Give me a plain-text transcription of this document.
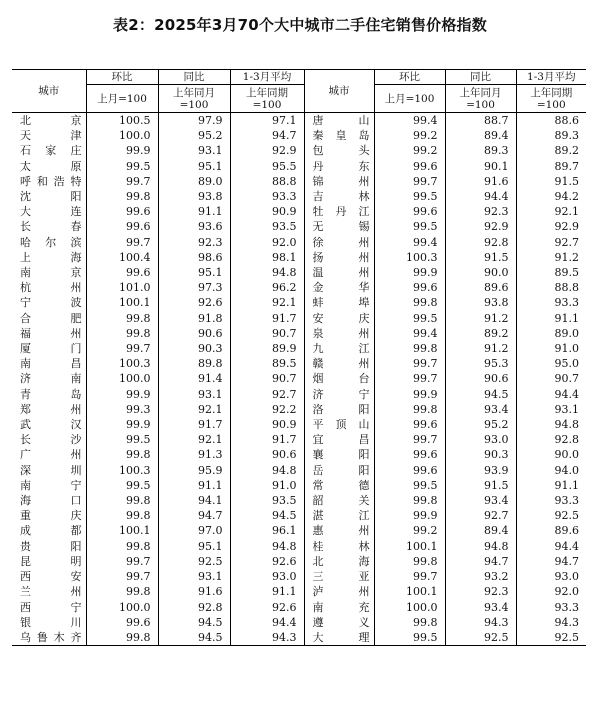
表2：2025年3月70个大中城市二手住宅销售价格指数
城市	环比	同比	1-3月平均	城市	环比	同比	1-3月平均
	上月=100	上年同月=100	上年同期=100		上月=100	上年同月=100	上年同期=100
北京	100.5	97.9	97.1	唐山	99.4	88.7	88.6
天津	100.0	95.2	94.7	秦皇岛	99.2	89.4	89.3
石家庄	99.9	93.1	92.9	包头	99.2	89.3	89.2
太原	99.5	95.1	95.5	丹东	99.6	90.1	89.7
呼和浩特	99.7	89.0	88.8	锦州	99.7	91.6	91.5
沈阳	99.8	93.8	93.3	吉林	99.5	94.4	94.2
大连	99.6	91.1	90.9	牡丹江	99.6	92.3	92.1
长春	99.6	93.6	93.5	无锡	99.5	92.9	92.9
哈尔滨	99.7	92.3	92.0	徐州	99.4	92.8	92.7
上海	100.4	98.6	98.1	扬州	100.3	91.5	91.2
南京	99.6	95.1	94.8	温州	99.9	90.0	89.5
杭州	101.0	97.3	96.2	金华	99.6	89.6	88.8
宁波	100.1	92.6	92.1	蚌埠	99.8	93.8	93.3
合肥	99.8	91.8	91.7	安庆	99.5	91.2	91.1
福州	99.8	90.6	90.7	泉州	99.4	89.2	89.0
厦门	99.7	90.3	89.9	九江	99.8	91.2	91.0
南昌	100.3	89.8	89.5	赣州	99.7	95.3	95.0
济南	100.0	91.4	90.7	烟台	99.7	90.6	90.7
青岛	99.9	93.1	92.7	济宁	99.9	94.5	94.4
郑州	99.3	92.1	92.2	洛阳	99.8	93.4	93.1
武汉	99.9	91.7	90.9	平顶山	99.6	95.2	94.8
长沙	99.5	92.1	91.7	宜昌	99.7	93.0	92.8
广州	99.8	91.3	90.6	襄阳	99.6	90.3	90.0
深圳	100.3	95.9	94.8	岳阳	99.6	93.9	94.0
南宁	99.5	91.1	91.0	常德	99.5	91.5	91.1
海口	99.8	94.1	93.5	韶关	99.8	93.4	93.3
重庆	99.8	94.7	94.5	湛江	99.9	92.7	92.5
成都	100.1	97.0	96.1	惠州	99.2	89.4	89.6
贵阳	99.8	95.1	94.8	桂林	100.1	94.8	94.4
昆明	99.7	92.5	92.6	北海	99.8	94.7	94.7
西安	99.7	93.1	93.0	三亚	99.7	93.2	93.0
兰州	99.8	91.6	91.1	泸州	100.1	92.3	92.0
西宁	100.0	92.8	92.6	南充	100.0	93.4	93.3
银川	99.6	94.5	94.4	遵义	99.8	94.3	94.3
乌鲁木齐	99.8	94.5	94.3	大理	99.5	92.5	92.5
